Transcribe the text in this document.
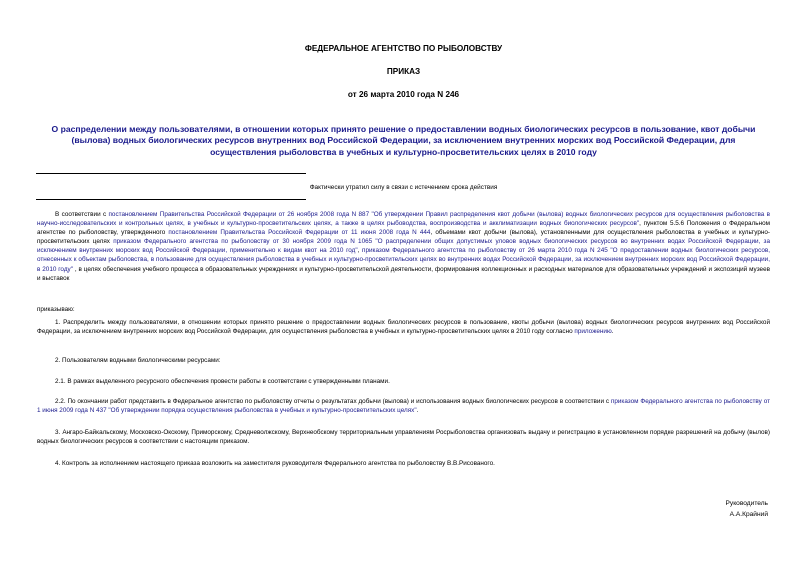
ФЕДЕРАЛЬНОЕ АГЕНТСТВО ПО РЫБОЛОВСТВУ
ПРИКАЗ
от 26 марта 2010 года N 246
О распределении между пользователями, в отношении которых принято решение о предоставлении водных биологических ресурсов в пользование, квот добычи (вылова) водных биологических ресурсов внутренних вод Российской Федерации, за исключением внутренних морских вод Российской Федерации, для осуществления рыболовства в учебных и культурно-просветительских целях в 2010 году
Фактически утратил силу в связи с истечением срока действия
В соответствии с постановлением Правительства Российской Федерации от 26 ноября 2008 года N 887 "Об утверждении Правил распределения квот добычи (вылова) водных биологических ресурсов для осуществления рыболовства в научно-исследовательских и контрольных целях, в учебных и культурно-просветительских целях, а также в целях рыбоводства, воспроизводства и акклиматизации водных биологических ресурсов", пунктом 5.5.6 Положения о Федеральном агентстве по рыболовству, утвержденного постановлением Правительства Российской Федерации от 11 июня 2008 года N 444, объемами квот добычи (вылова), установленными для осуществления рыболовства в учебных и культурно-просветительских целях приказом Федерального агентства по рыболовству от 30 ноября 2009 года N 1065 "О распределении общих допустимых уловов водных биологических ресурсов во внутренних водах Российской Федерации, за исключением внутренних морских вод Российской Федерации, применительно к видам квот на 2010 год", приказом Федерального агентства по рыболовству от 26 марта 2010 года N 245 "О предоставлении водных биологических ресурсов, отнесенных к объектам рыболовства, в пользование для осуществления рыболовства в учебных и культурно-просветительских целях во внутренних водах Российской Федерации, за исключением внутренних морских вод Российской Федерации, в 2010 году" , в целях обеспечения учебного процесса в образовательных учреждениях и культурно-просветительской деятельности, формирования коллекционных и расходных материалов для образовательных учреждений и экспозиций музеев и выставок
приказываю:
1. Распределить между пользователями, в отношении которых принято решение о предоставлении водных биологических ресурсов в пользование, квоты добычи (вылова) водных биологических ресурсов внутренних вод Российской Федерации, за исключением внутренних морских вод Российской Федерации, для осуществления рыболовства в учебных и культурно-просветительских целях в 2010 году согласно приложению.
2. Пользователям водными биологическими ресурсами:
2.1. В рамках выделенного ресурсного обеспечения провести работы в соответствии с утвержденными планами.
2.2. По окончании работ представить в Федеральное агентство по рыболовству отчеты о результатах добычи (вылова) и использования водных биологических ресурсов в соответствии с приказом Федерального агентства по рыболовству от 1 июня 2009 года N 437 "Об утверждении порядка осуществления рыболовства в учебных и культурно-просветительских целях".
3. Ангаро-Байкальскому, Московско-Окскому, Приморскому, Средневолжскому, Верхнеобскому территориальным управлениям Росрыболовства организовать выдачу и регистрацию в установленном порядке разрешений на добычу (вылов) водных биологических ресурсов в соответствии с настоящим приказом.
4. Контроль за исполнением настоящего приказа возложить на заместителя руководителя Федерального агентства по рыболовству В.В.Рисованого.
Руководитель
А.А.Крайний
